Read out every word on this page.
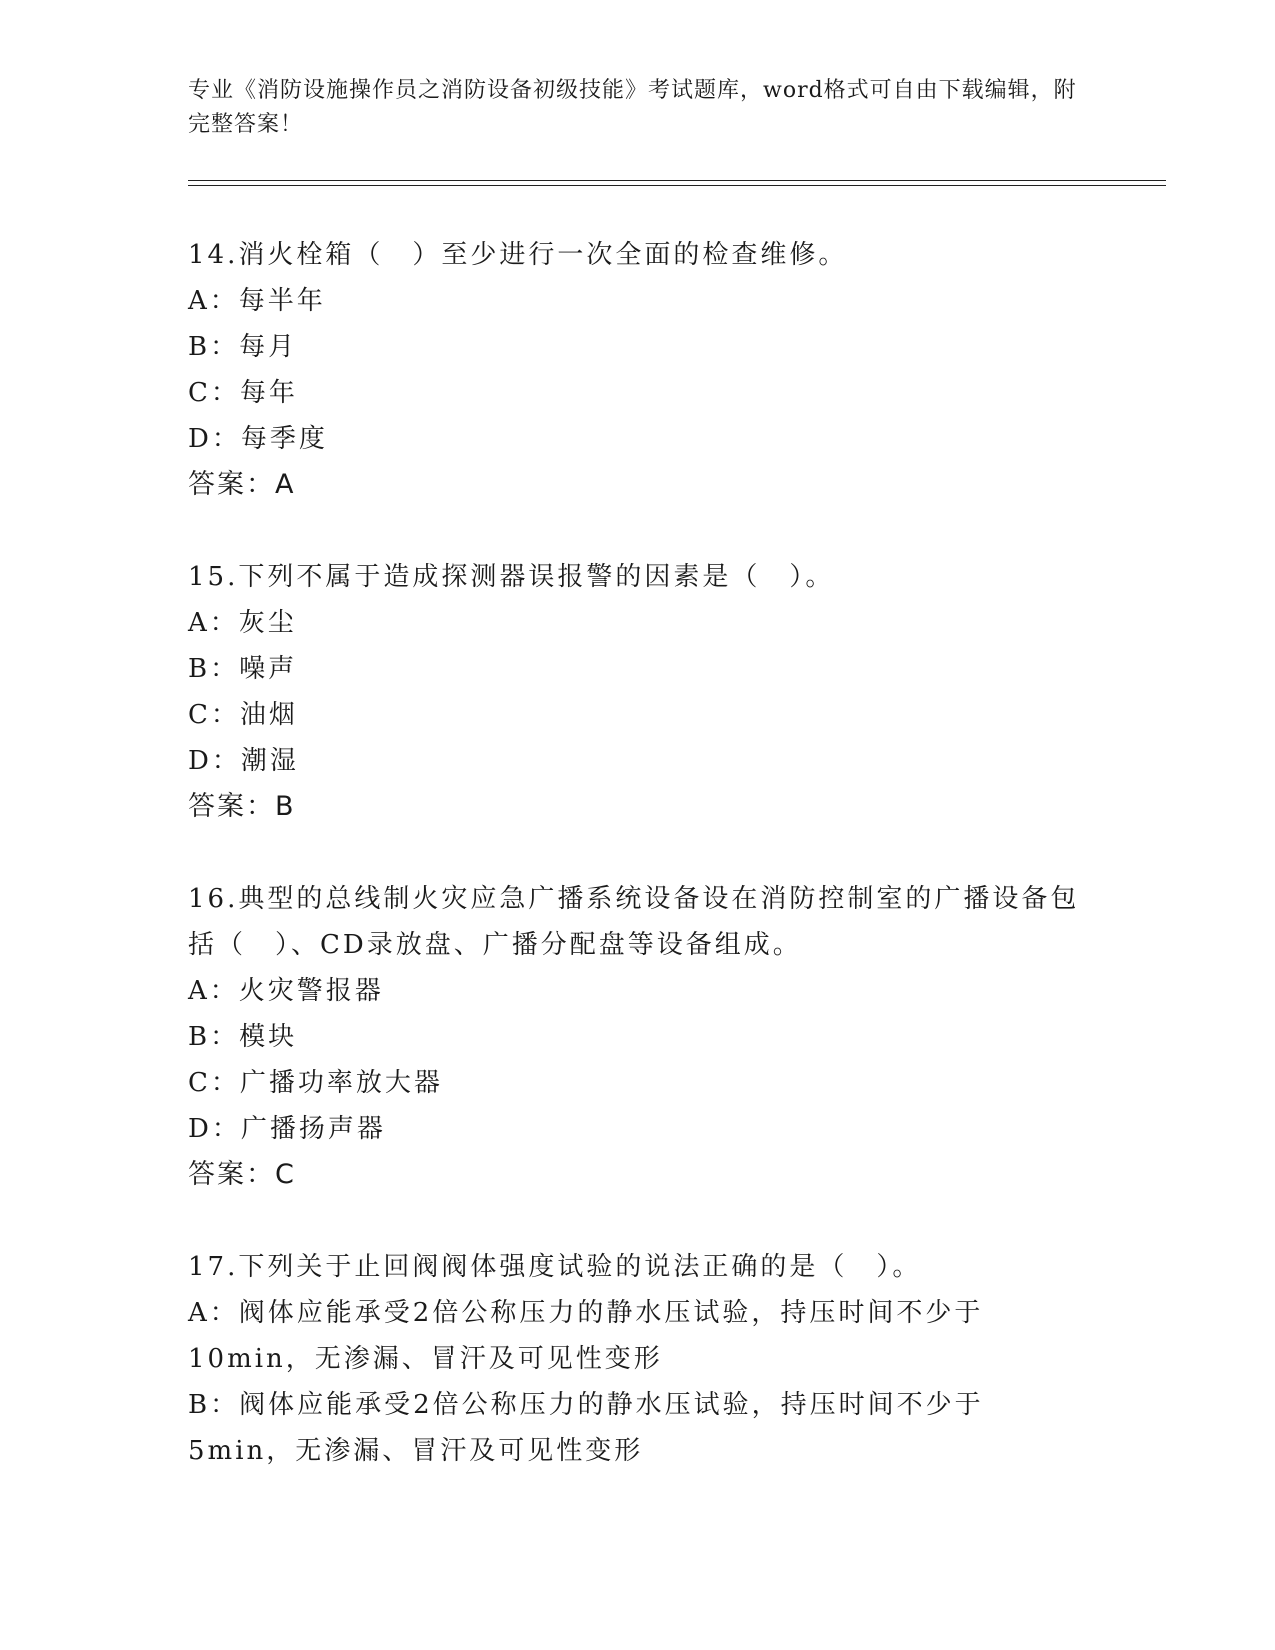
专业《消防设施操作员之消防设备初级技能》考试题库，word格式可自由下载编辑，附完整答案！
14.消火栓箱（　）至少进行一次全面的检查维修。
A：每半年
B：每月
C：每年
D：每季度
答案：A
15.下列不属于造成探测器误报警的因素是（　）。
A：灰尘
B：噪声
C：油烟
D：潮湿
答案：B
16.典型的总线制火灾应急广播系统设备设在消防控制室的广播设备包括（　）、CD录放盘、广播分配盘等设备组成。
A：火灾警报器
B：模块
C：广播功率放大器
D：广播扬声器
答案：C
17.下列关于止回阀阀体强度试验的说法正确的是（　）。
A：阀体应能承受2倍公称压力的静水压试验，持压时间不少于10min，无渗漏、冒汗及可见性变形
B：阀体应能承受2倍公称压力的静水压试验，持压时间不少于5min，无渗漏、冒汗及可见性变形
